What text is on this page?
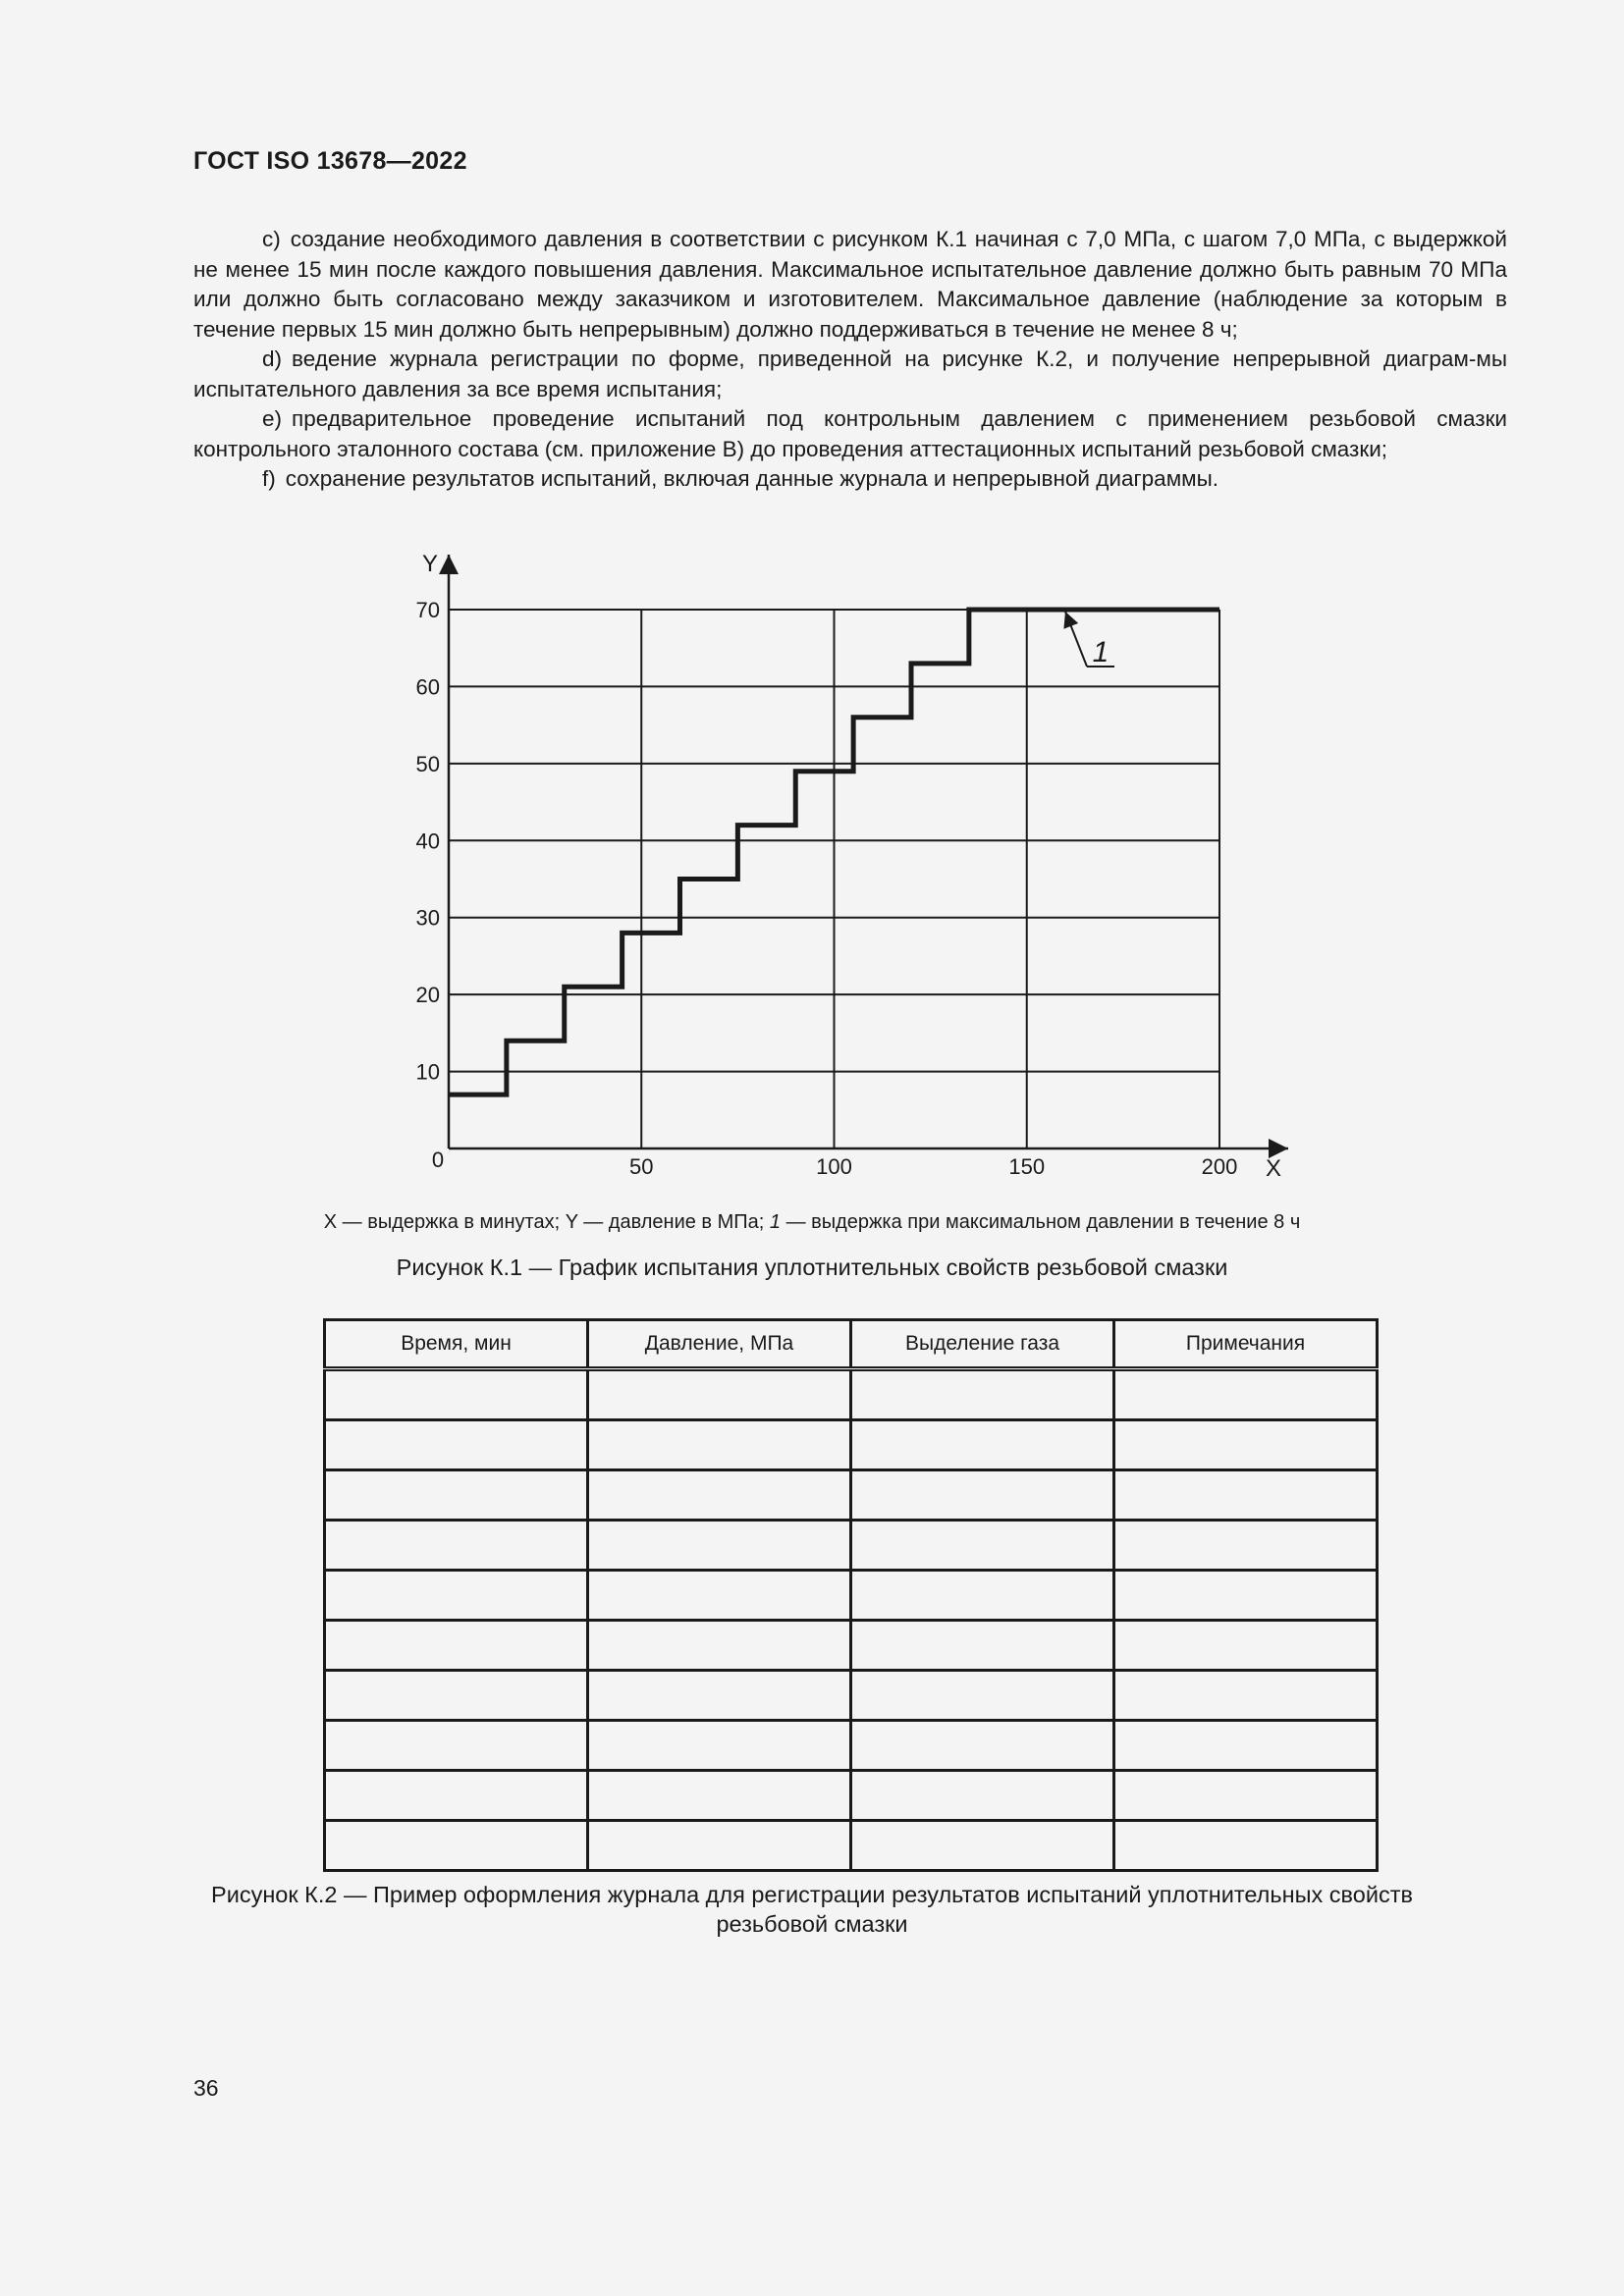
ГОСТ ISO 13678—2022

c) создание необходимого давления в соответствии с рисунком К.1 начиная с 7,0 МПа, с шагом 7,0 МПа, с выдержкой не менее 15 мин после каждого повышения давления. Максимальное испытательное давление должно быть равным 70 МПа или должно быть согласовано между заказчиком и изготовителем. Максимальное давление (наблюдение за которым в течение первых 15 мин должно быть непрерывным) должно поддерживаться в течение не менее 8 ч;

d) ведение журнала регистрации по форме, приведенной на рисунке К.2, и получение непрерывной диаграм-мы испытательного давления за все время испытания;

e) предварительное проведение испытаний под контрольным давлением с применением резьбовой смазки контрольного эталонного состава (см. приложение В) до проведения аттестационных испытаний резьбовой смазки;

f) сохранение результатов испытаний, включая данные журнала и непрерывной диаграммы.

10
20
30
40
50
60
70
50	100	150	200
0	X
Y
1
X — выдержка в минутах; Y — давление в МПа; 1 — выдержка при максимальном давлении в течение 8 ч
Рисунок К.1 — График испытания уплотнительных свойств резьбовой смазки
Время, мин	Давление, МПа	Выделение газа	Примечания

Рисунок К.2 — Пример оформления журнала для регистрации результатов испытаний уплотнительных свойств
резьбовой смазки
36
